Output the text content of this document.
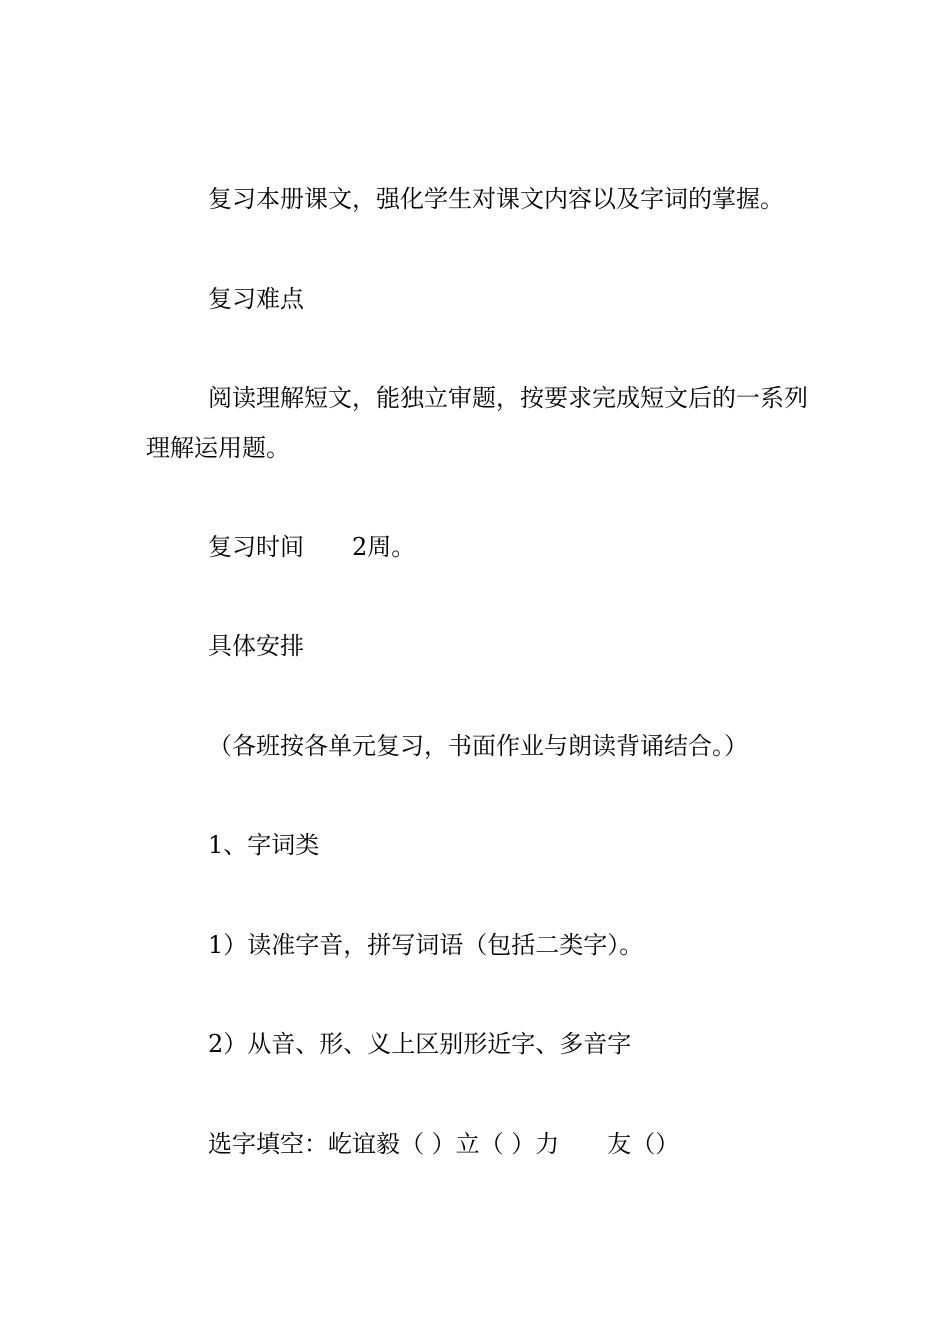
复习本册课文，强化学生对课文内容以及字词的掌握。

复习难点

阅读理解短文，能独立审题，按要求完成短文后的一系列理解运用题。

复习时间　　2周。

具体安排

（各班按各单元复习，书面作业与朗读背诵结合。）

1、字词类

1）读准字音，拼写词语（包括二类字）。

2）从音、形、义上区别形近字、多音字

选字填空：屹谊毅（ ）立（ ）力　　友（）
